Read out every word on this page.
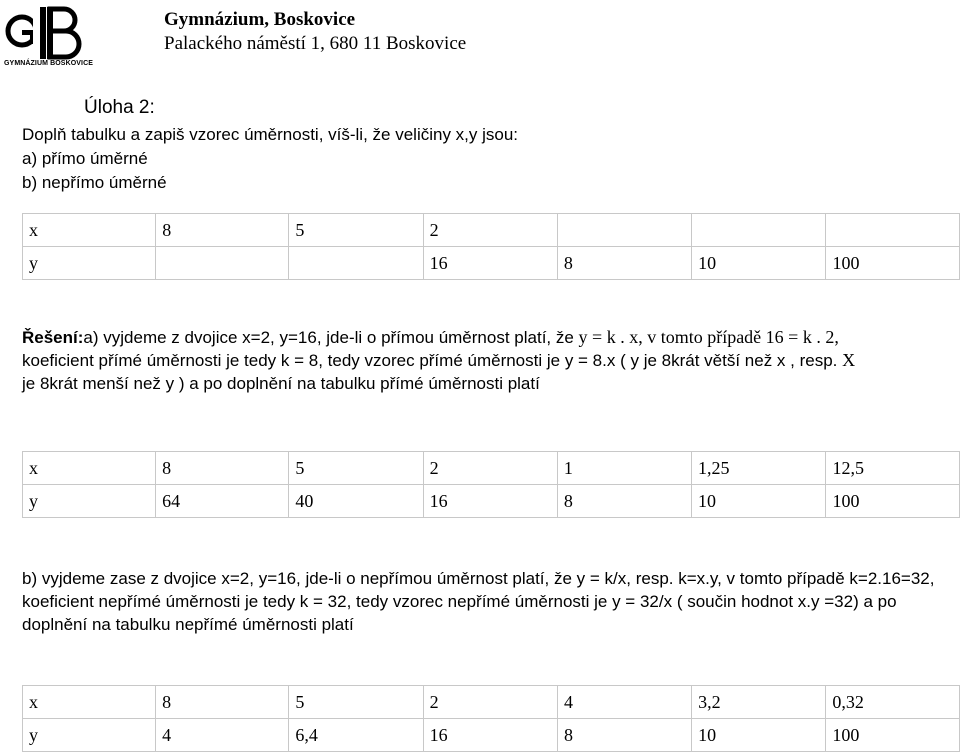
GYMNÁZIUM BOSKOVICE
Gymnázium, Boskovice
Palackého náměstí 1, 680 11 Boskovice
Úloha 2:
Doplň tabulku a zapiš vzorec úměrnosti, víš-li, že veličiny x,y jsou:
a) přímo úměrné
b) nepřímo úměrné
x	8	5	2			
y			16	8	10	100
Řešení:a) vyjdeme z dvojice x=2, y=16, jde-li o přímou úměrnost platí, že y = k . x, v tomto případě 16 = k . 2,
koeficient přímé úměrnosti je tedy k = 8, tedy vzorec přímé úměrnosti je y = 8.x ( y je 8krát větší než x , resp. X
je 8krát menší než y ) a po doplnění na tabulku přímé úměrnosti platí
x	8	5	2	1	1,25	12,5
y	64	40	16	8	10	100
b) vyjdeme zase z dvojice x=2, y=16, jde-li o nepřímou úměrnost platí, že y = k/x, resp. k=x.y, v tomto případě k=2.16=32, koeficient nepřímé úměrnosti je tedy k = 32, tedy vzorec nepřímé úměrnosti je y = 32/x ( součin hodnot x.y =32) a po doplnění na tabulku nepřímé úměrnosti platí
x	8	5	2	4	3,2	0,32
y	4	6,4	16	8	10	100
